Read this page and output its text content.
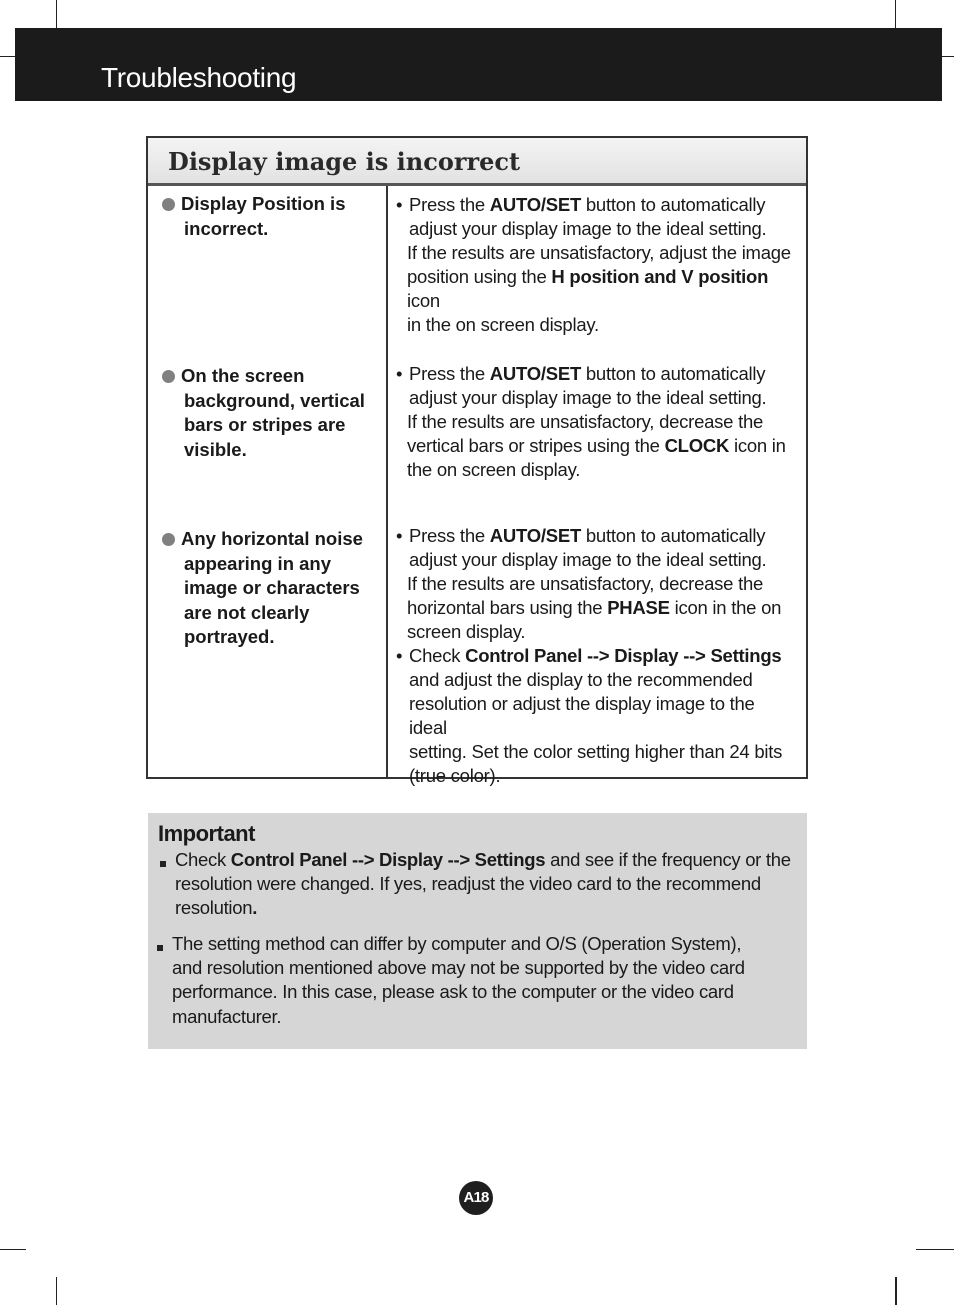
Troubleshooting
Display image is incorrect
Display Position is
incorrect.
• Press the AUTO/SET button to automatically
adjust your display image to the ideal setting.
If the results are unsatisfactory, adjust the image
position using the H position and V position icon
in the on screen display.
On the screen
background, vertical
bars or stripes are
visible.
• Press the AUTO/SET button to automatically
adjust your display image to the ideal setting.
If the results are unsatisfactory, decrease the
vertical bars or stripes using the CLOCK icon in
the on screen display.
Any horizontal noise
appearing in any
image or characters
are not clearly
portrayed.
• Press the AUTO/SET button to automatically
adjust your display image to the ideal setting.
If the results are unsatisfactory, decrease the
horizontal bars using the PHASE icon in the on
screen display.
• Check Control Panel --> Display --> Settings
and adjust the display to the recommended
resolution or adjust the display image to the ideal
setting. Set the color setting higher than 24 bits
(true color).
Important
Check Control Panel --> Display --> Settings and see if the frequency or the
resolution were changed. If yes, readjust the video card to the recommend
resolution.
The setting method can differ by computer and O/S (Operation System),
and resolution mentioned above may not be supported by the video card
performance. In this case, please ask to the computer or the video card
manufacturer.
A18
